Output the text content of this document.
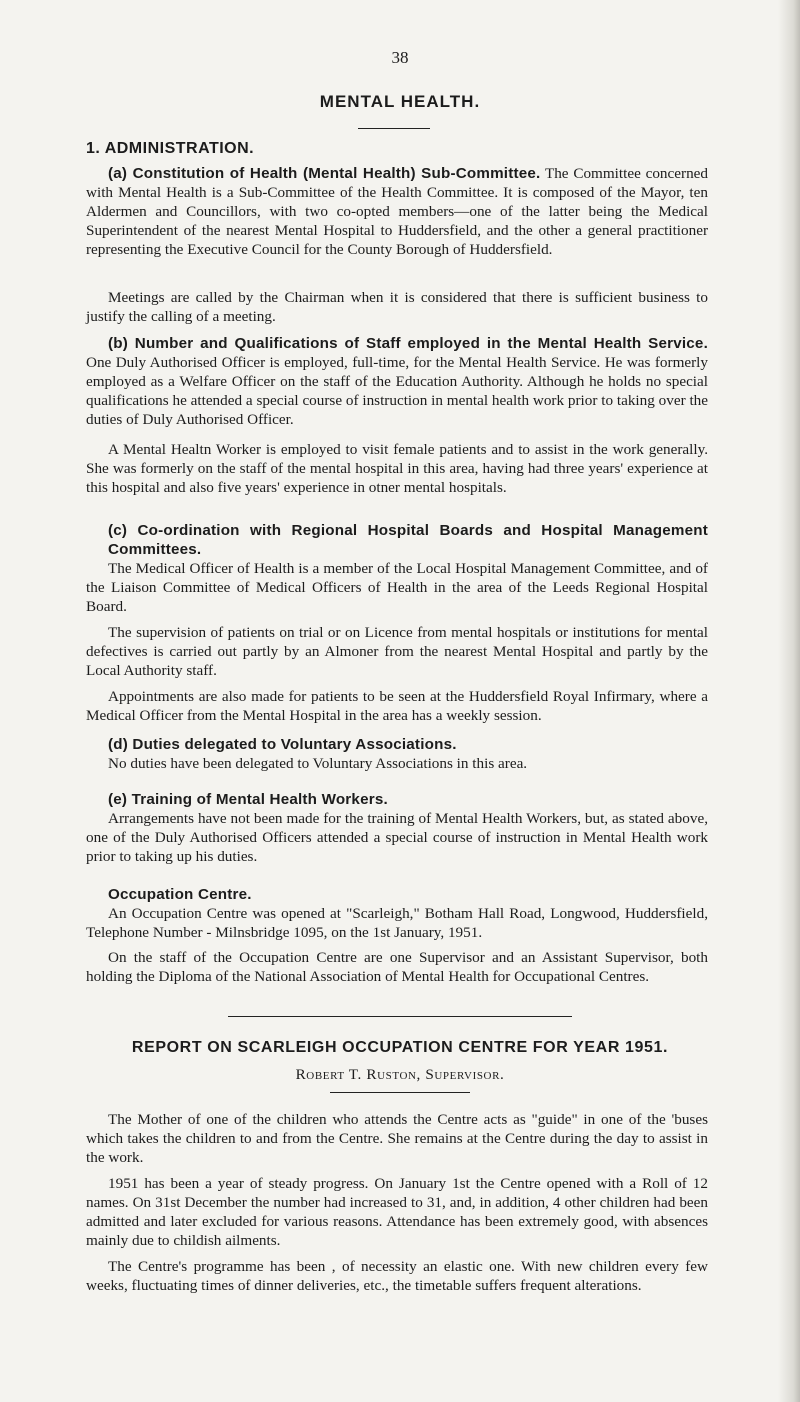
38
MENTAL HEALTH.
1. ADMINISTRATION.

(a) Constitution of Health (Mental Health) Sub-Committee. The Committee concerned with Mental Health is a Sub-Committee of the Health Committee. It is composed of the Mayor, ten Aldermen and Councillors, with two co-opted members—one of the latter being the Medical Superintendent of the nearest Mental Hospital to Huddersfield, and the other a general practitioner representing the Executive Council for the County Borough of Huddersfield.

Meetings are called by the Chairman when it is considered that there is sufficient business to justify the calling of a meeting.

(b) Number and Qualifications of Staff employed in the Mental Health Service. One Duly Authorised Officer is employed, full-time, for the Mental Health Service. He was formerly employed as a Welfare Officer on the staff of the Education Authority. Although he holds no special qualifications he attended a special course of instruction in mental health work prior to taking over the duties of Duly Authorised Officer.

A Mental Healtn Worker is employed to visit female patients and to assist in the work generally. She was formerly on the staff of the mental hospital in this area, having had three years' experience at this hospital and also five years' experience in otner mental hospitals.

(c) Co-ordination with Regional Hospital Boards and Hospital Management Committees.

The Medical Officer of Health is a member of the Local Hospital Management Committee, and of the Liaison Committee of Medical Officers of Health in the area of the Leeds Regional Hospital Board.

The supervision of patients on trial or on Licence from mental hospitals or institutions for mental defectives is carried out partly by an Almoner from the nearest Mental Hospital and partly by the Local Authority staff.

Appointments are also made for patients to be seen at the Huddersfield Royal Infirmary, where a Medical Officer from the Mental Hospital in the area has a weekly session.

(d) Duties delegated to Voluntary Associations.

No duties have been delegated to Voluntary Associations in this area.

(e) Training of Mental Health Workers.

Arrangements have not been made for the training of Mental Health Workers, but, as stated above, one of the Duly Authorised Officers attended a special course of instruction in Mental Health work prior to taking up his duties.

Occupation Centre.

An Occupation Centre was opened at "Scarleigh," Botham Hall Road, Longwood, Huddersfield, Telephone Number - Milnsbridge 1095, on the 1st January, 1951.

On the staff of the Occupation Centre are one Supervisor and an Assistant Supervisor, both holding the Diploma of the National Association of Mental Health for Occupational Centres.

REPORT ON SCARLEIGH OCCUPATION CENTRE FOR YEAR 1951.
Robert T. Ruston, Supervisor.

The Mother of one of the children who attends the Centre acts as "guide" in one of the 'buses which takes the children to and from the Centre. She remains at the Centre during the day to assist in the work.

1951 has been a year of steady progress. On January 1st the Centre opened with a Roll of 12 names. On 31st December the number had increased to 31, and, in addition, 4 other children had been admitted and later excluded for various reasons. Attendance has been extremely good, with absences mainly due to childish ailments.

The Centre's programme has been , of necessity an elastic one. With new children every few weeks, fluctuating times of dinner deliveries, etc., the timetable suffers frequent alterations.
